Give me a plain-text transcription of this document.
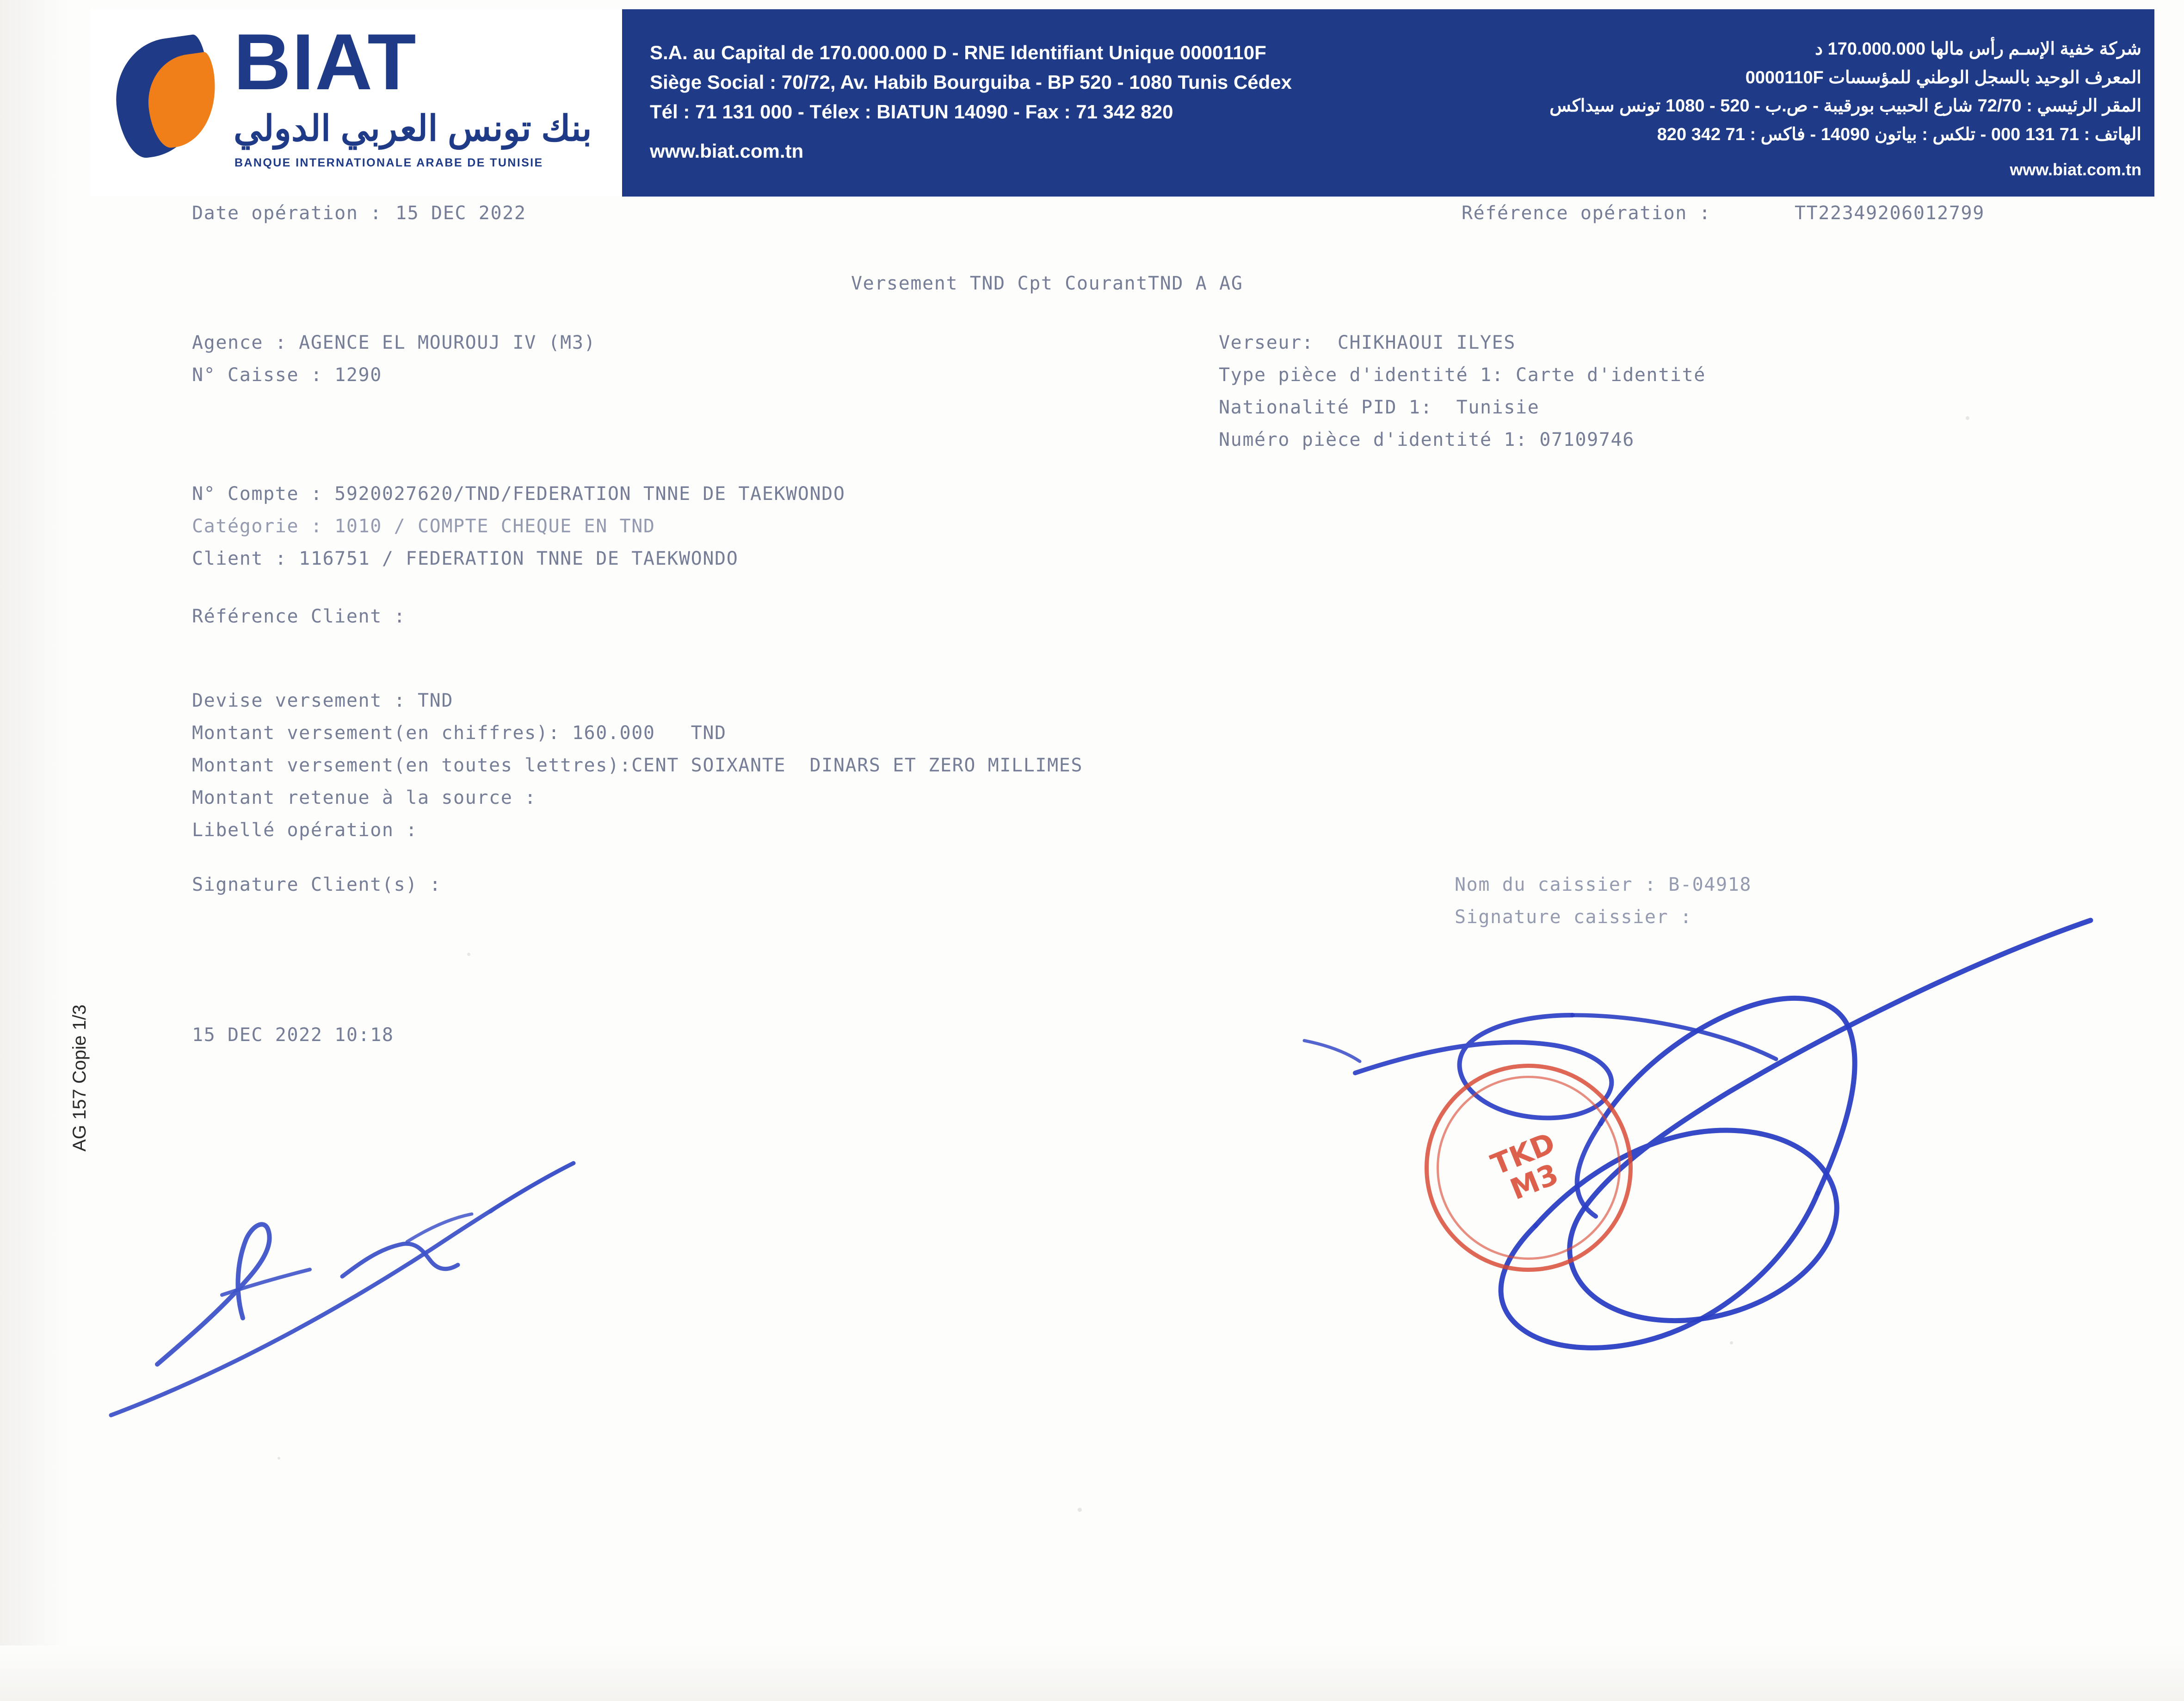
BIAT
بنك تونس العربي الدولي
BANQUE INTERNATIONALE ARABE DE TUNISIE
S.A. au Capital de 170.000.000 D - RNE Identifiant Unique 0000110F
Siège Social : 70/72, Av. Habib Bourguiba - BP 520 - 1080 Tunis Cédex
Tél : 71 131 000 - Télex : BIATUN 14090 - Fax : 71 342 820
www.biat.com.tn
شركة خفية الإسـم رأس مالها 170.000.000 د
المعرف الوحيد بالسجل الوطني للمؤسسات 0000110F
المقر الرئيسي : 72/70 شارع الحبيب بورقيبة - ص.ب - 520 - 1080 تونس سيداكس
الهاتف : 71 131 000 - تلكس : بياتون 14090 - فاكس : 71 342 820
www.biat.com.tn
Date opération : 15 DEC 2022	Référence opération :	TT22349206012799
Versement TND Cpt CourantTND A AG
Agence : AGENCE EL MOUROUJ IV (M3)
N° Caisse : 1290
Verseur:  CHIKHAOUI ILYES
Type pièce d'identité 1: Carte d'identité
Nationalité PID 1:  Tunisie
Numéro pièce d'identité 1: 07109746
N° Compte : 5920027620/TND/FEDERATION TNNE DE TAEKWONDO
Catégorie : 1010 / COMPTE CHEQUE EN TND
Client : 116751 / FEDERATION TNNE DE TAEKWONDO
Référence Client :
Devise versement : TND
Montant versement(en chiffres): 160.000   TND
Montant versement(en toutes lettres):CENT SOIXANTE  DINARS ET ZERO MILLIMES
Montant retenue à la source :
Libellé opération :
Signature Client(s) :	Nom du caissier : B-04918
Signature caissier :
15 DEC 2022 10:18
AG 157 Copie 1/3
TKD
M3
